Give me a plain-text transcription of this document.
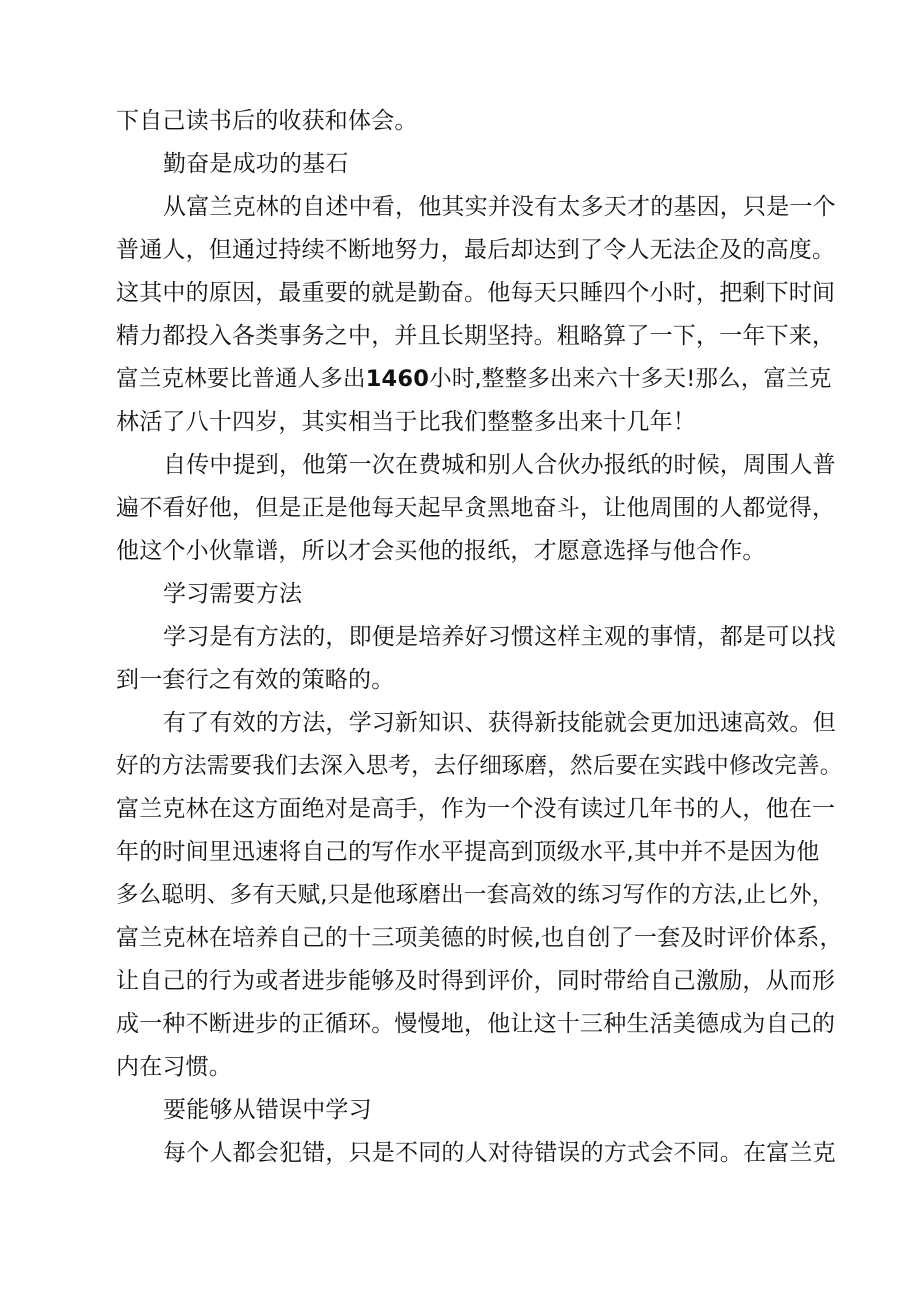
下自己读书后的收获和体会。
勤奋是成功的基石
从富兰克林的自述中看，他其实并没有太多天才的基因，只是一个
普通人，但通过持续不断地努力，最后却达到了令人无法企及的高度。
这其中的原因，最重要的就是勤奋。他每天只睡四个小时，把剩下时间
精力都投入各类事务之中，并且长期坚持。粗略算了一下，一年下来，
富兰克林要比普通人多出1460小时,整整多出来六十多天!那么，富兰克
林活了八十四岁，其实相当于比我们整整多出来十几年！
自传中提到，他第一次在费城和别人合伙办报纸的时候，周围人普
遍不看好他，但是正是他每天起早贪黑地奋斗，让他周围的人都觉得，
他这个小伙靠谱，所以才会买他的报纸，才愿意选择与他合作。
学习需要方法
学习是有方法的，即便是培养好习惯这样主观的事情，都是可以找
到一套行之有效的策略的。
有了有效的方法，学习新知识、获得新技能就会更加迅速高效。但
好的方法需要我们去深入思考，去仔细琢磨，然后要在实践中修改完善。
富兰克林在这方面绝对是高手，作为一个没有读过几年书的人，他在一
年的时间里迅速将自己的写作水平提高到顶级水平,其中并不是因为他
多么聪明、多有天赋,只是他琢磨出一套高效的练习写作的方法,止匕外，
富兰克林在培养自己的十三项美德的时候,也自创了一套及时评价体系，
让自己的行为或者进步能够及时得到评价，同时带给自己激励，从而形
成一种不断进步的正循环。慢慢地，他让这十三种生活美德成为自己的
内在习惯。
要能够从错误中学习
每个人都会犯错，只是不同的人对待错误的方式会不同。在富兰克
